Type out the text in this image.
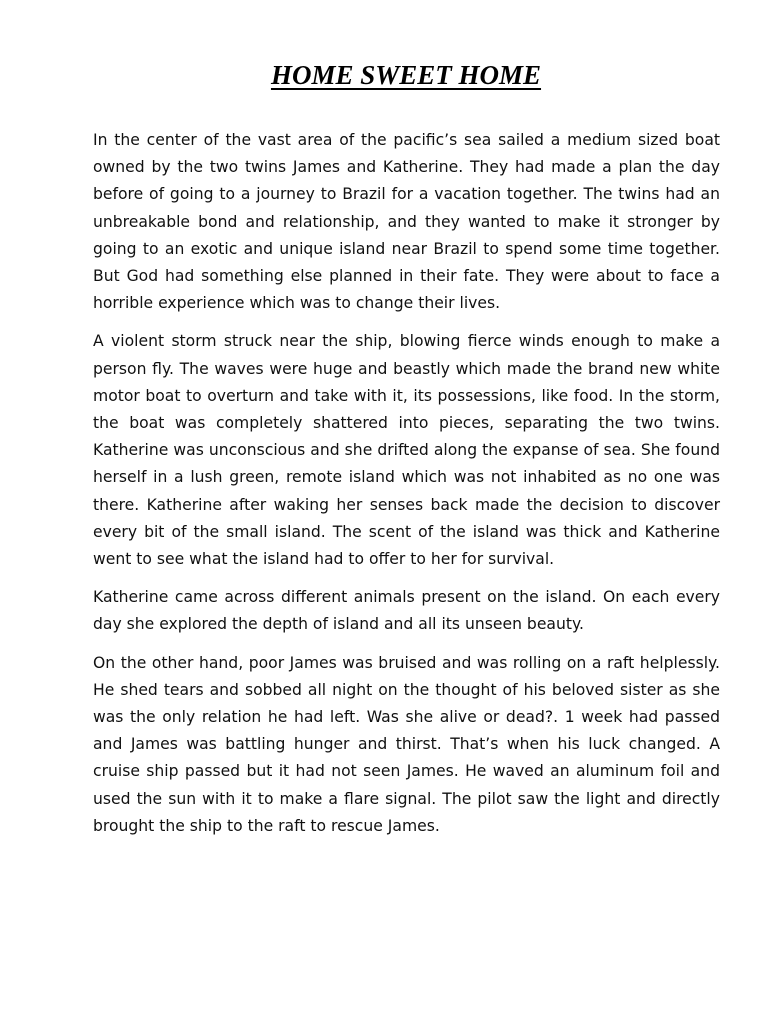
HOME SWEET HOME

In the center of the vast area of the pacific’s sea sailed a medium sized boat owned by the two twins James and Katherine. They had made a plan the day before of going to a journey to Brazil for a vacation together. The twins had an unbreakable bond and relationship, and they wanted to make it stronger by going to an exotic and unique island near Brazil to spend some time together. But God had something else planned in their fate. They were about to face a horrible experience which was to change their lives.

A violent storm struck near the ship, blowing fierce winds enough to make a person fly. The waves were huge and beastly which made the brand new white motor boat to overturn and take with it, its possessions, like food. In the storm, the boat was completely shattered into pieces, separating the two twins. Katherine was unconscious and she drifted along the expanse of sea. She found herself in a lush green, remote island which was not inhabited as no one was there. Katherine after waking her senses back made the decision to discover every bit of the small island. The scent of the island was thick and Katherine went to see what the island had to offer to her for survival.

Katherine came across different animals present on the island. On each every day she explored the depth of island and all its unseen beauty.

On the other hand, poor James was bruised and was rolling on a raft helplessly. He shed tears and sobbed all night on the thought of his beloved sister as she was the only relation he had left. Was she alive or dead?. 1 week had passed and James was battling hunger and thirst. That’s when his luck changed. A cruise ship passed but it had not seen James. He waved an aluminum foil and used the sun with it to make a flare signal. The pilot saw the light and directly brought the ship to the raft to rescue James.
